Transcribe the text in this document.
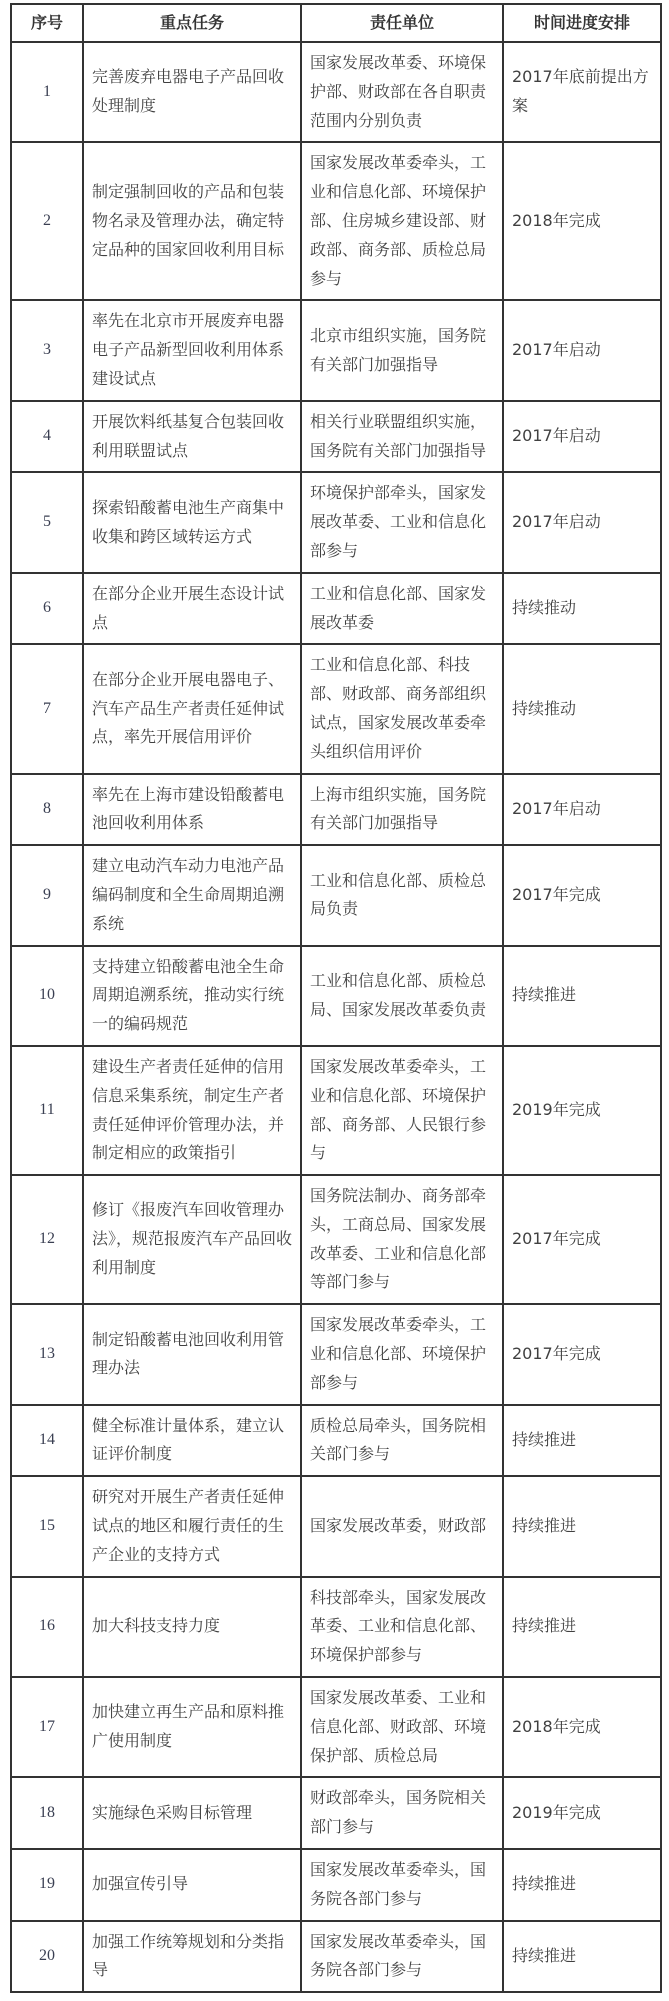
序号	重点任务	责任单位	时间进度安排
1	完善废弃电器电子产品回收处理制度	国家发展改革委、环境保护部、财政部在各自职责范围内分别负责	2017年底前提出方案
2	制定强制回收的产品和包装物名录及管理办法，确定特定品种的国家回收利用目标	国家发展改革委牵头，工业和信息化部、环境保护部、住房城乡建设部、财政部、商务部、质检总局参与	2018年完成
3	率先在北京市开展废弃电器电子产品新型回收利用体系建设试点	北京市组织实施，国务院有关部门加强指导	2017年启动
4	开展饮料纸基复合包装回收利用联盟试点	相关行业联盟组织实施，国务院有关部门加强指导	2017年启动
5	探索铅酸蓄电池生产商集中收集和跨区域转运方式	环境保护部牵头，国家发展改革委、工业和信息化部参与	2017年启动
6	在部分企业开展生态设计试点	工业和信息化部、国家发展改革委	持续推动
7	在部分企业开展电器电子、汽车产品生产者责任延伸试点，率先开展信用评价	工业和信息化部、科技部、财政部、商务部组织试点，国家发展改革委牵头组织信用评价	持续推动
8	率先在上海市建设铅酸蓄电池回收利用体系	上海市组织实施，国务院有关部门加强指导	2017年启动
9	建立电动汽车动力电池产品编码制度和全生命周期追溯系统	工业和信息化部、质检总局负责	2017年完成
10	支持建立铅酸蓄电池全生命周期追溯系统，推动实行统一的编码规范	工业和信息化部、质检总局、国家发展改革委负责	持续推进
11	建设生产者责任延伸的信用信息采集系统，制定生产者责任延伸评价管理办法，并制定相应的政策指引	国家发展改革委牵头，工业和信息化部、环境保护部、商务部、人民银行参与	2019年完成
12	修订《报废汽车回收管理办法》，规范报废汽车产品回收利用制度	国务院法制办、商务部牵头，工商总局、国家发展改革委、工业和信息化部等部门参与	2017年完成
13	制定铅酸蓄电池回收利用管理办法	国家发展改革委牵头，工业和信息化部、环境保护部参与	2017年完成
14	健全标准计量体系，建立认证评价制度	质检总局牵头，国务院相关部门参与	持续推进
15	研究对开展生产者责任延伸试点的地区和履行责任的生产企业的支持方式	国家发展改革委，财政部	持续推进
16	加大科技支持力度	科技部牵头，国家发展改革委、工业和信息化部、环境保护部参与	持续推进
17	加快建立再生产品和原料推广使用制度	国家发展改革委、工业和信息化部、财政部、环境保护部、质检总局	2018年完成
18	实施绿色采购目标管理	财政部牵头，国务院相关部门参与	2019年完成
19	加强宣传引导	国家发展改革委牵头，国务院各部门参与	持续推进
20	加强工作统筹规划和分类指导	国家发展改革委牵头，国务院各部门参与	持续推进
